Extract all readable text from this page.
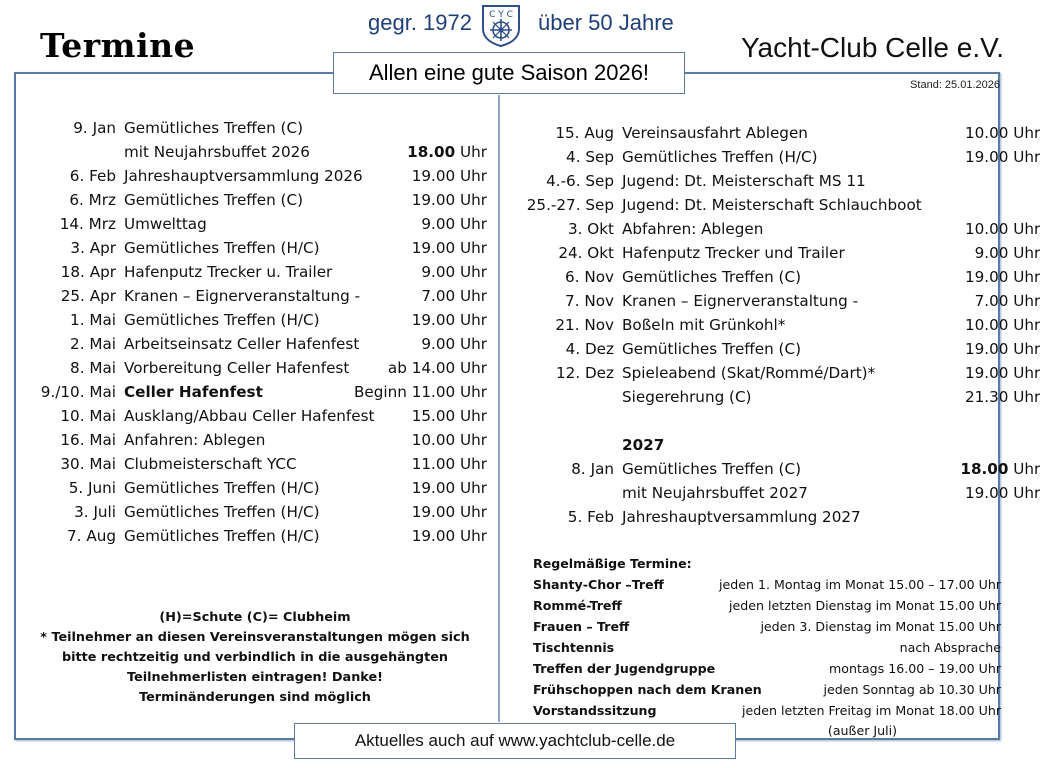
Termine
gegr. 1972 C Y C über 50 Jahre
Yacht-Club Celle e.V.
Allen eine gute Saison 2026!	Stand: 25.01.2026
9. Jan Gemütliches Treffen (C)
mit Neujahrsbuffet 2026	18.00 Uhr
6. Feb Jahreshauptversammlung 2026	19.00 Uhr
6. Mrz Gemütliches Treffen (C)	19.00 Uhr
14. Mrz Umwelttag	9.00 Uhr
3. Apr Gemütliches Treffen (H/C)	19.00 Uhr
18. Apr Hafenputz Trecker u. Trailer	9.00 Uhr
25. Apr Kranen – Eignerveranstaltung -	7.00 Uhr
1. Mai Gemütliches Treffen (H/C)	19.00 Uhr
2. Mai Arbeitseinsatz Celler Hafenfest	9.00 Uhr
8. Mai Vorbereitung Celler Hafenfest	ab 14.00 Uhr
9./10. Mai Celler Hafenfest	Beginn 11.00 Uhr
10. Mai Ausklang/Abbau Celler Hafenfest 15.00 Uhr
16. Mai Anfahren: Ablegen	10.00 Uhr
30. Mai Clubmeisterschaft YCC	11.00 Uhr
5. Juni Gemütliches Treffen (H/C)	19.00 Uhr
3. Juli Gemütliches Treffen (H/C)	19.00 Uhr
7. Aug Gemütliches Treffen (H/C)	19.00 Uhr
(H)=Schute (C)= Clubheim
* Teilnehmer an diesen Vereinsveranstaltungen mögen sich
bitte rechtzeitig und verbindlich in die ausgehängten
Teilnehmerlisten eintragen! Danke!
Terminänderungen sind möglich
15. Aug Vereinsausfahrt Ablegen	10.00 Uhr
4. Sep Gemütliches Treffen (H/C)	19.00 Uhr
4.-6. Sep Jugend: Dt. Meisterschaft MS 11
25.-27. Sep Jugend: Dt. Meisterschaft Schlauchboot
3. Okt Abfahren: Ablegen	10.00 Uhr
24. Okt Hafenputz Trecker und Trailer	9.00 Uhr
6. Nov Gemütliches Treffen (C)	19.00 Uhr
7. Nov Kranen – Eignerveranstaltung -	7.00 Uhr
21. Nov Boßeln mit Grünkohl*	10.00 Uhr
4. Dez Gemütliches Treffen (C)	19.00 Uhr
12. Dez Spieleabend (Skat/Rommé/Dart)*	19.00 Uhr
Siegerehrung (C)	21.30 Uhr
2027
8. Jan Gemütliches Treffen (C)	18.00 Uhr
mit Neujahrsbuffet 2027	19.00 Uhr
5. Feb Jahreshauptversammlung 2027
Regelmäßige Termine:
Shanty-Chor –Treff	jeden 1. Montag im Monat 15.00 – 17.00 Uhr
Rommé-Treff	jeden letzten Dienstag im Monat 15.00 Uhr
Frauen – Treff	jeden 3. Dienstag im Monat 15.00 Uhr
Tischtennis	nach Absprache
Treffen der Jugendgruppe	montags 16.00 – 19.00 Uhr
Frühschoppen nach dem Kranen	jeden Sonntag ab 10.30 Uhr
Vorstandssitzung	jeden letzten Freitag im Monat 18.00 Uhr
(außer Juli)
Aktuelles auch auf www.yachtclub-celle.de
